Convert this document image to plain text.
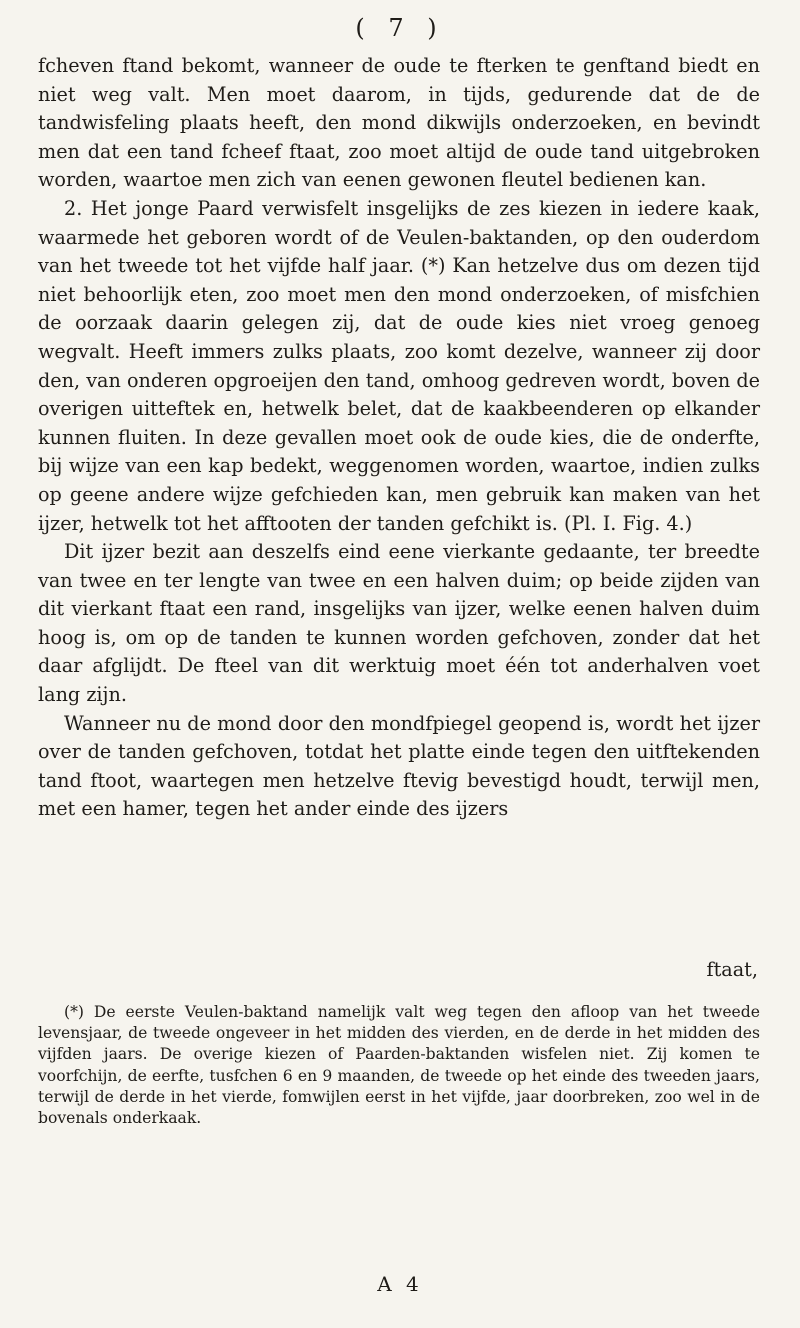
( 7 )

fcheven ftand bekomt, wanneer de oude te fterken te genftand biedt en niet weg valt. Men moet daarom, in tijds, gedurende dat de de tandwisfeling plaats heeft, den mond dikwijls onderzoeken, en bevindt men dat een tand fcheef ftaat, zoo moet altijd de oude tand uitgebroken worden, waartoe men zich van eenen gewonen fleutel bedienen kan.

2. Het jonge Paard verwisfelt insgelijks de zes kiezen in iedere kaak, waarmede het geboren wordt of de Veulen-baktanden, op den ouderdom van het tweede tot het vijfde half jaar. (*) Kan hetzelve dus om dezen tijd niet behoorlijk eten, zoo moet men den mond onderzoeken, of misfchien de oorzaak daarin gelegen zij, dat de oude kies niet vroeg genoeg wegvalt. Heeft immers zulks plaats, zoo komt dezelve, wanneer zij door den, van onderen opgroeijen den tand, omhoog gedreven wordt, boven de overigen uitteftek en, hetwelk belet, dat de kaakbeenderen op elkander kunnen fluiten. In deze gevallen moet ook de oude kies, die de onderfte, bij wijze van een kap bedekt, weggenomen worden, waartoe, indien zulks op geene andere wijze gefchieden kan, men gebruik kan maken van het ijzer, hetwelk tot het afftooten der tanden gefchikt is. (Pl. I. Fig. 4.)

Dit ijzer bezit aan deszelfs eind eene vierkante gedaante, ter breedte van twee en ter lengte van twee en een halven duim; op beide zijden van dit vierkant ftaat een rand, insgelijks van ijzer, welke eenen halven duim hoog is, om op de tanden te kunnen worden gefchoven, zonder dat het daar afglijdt. De fteel van dit werktuig moet één tot anderhalven voet lang zijn.

Wanneer nu de mond door den mondfpiegel geopend is, wordt het ijzer over de tanden gefchoven, totdat het platte einde tegen den uitftekenden tand ftoot, waartegen men hetzelve ftevig bevestigd houdt, terwijl men, met een hamer, tegen het ander einde des ijzers

ftaat,

(*) De eerste Veulen-baktand namelijk valt weg tegen den afloop van het tweede levensjaar, de tweede ongeveer in het midden des vierden, en de derde in het midden des vijfden jaars. De overige kiezen of Paarden-baktanden wisfelen niet. Zij komen te voorfchijn, de eerfte, tusfchen 6 en 9 maanden, de tweede op het einde des tweeden jaars, terwijl de derde in het vierde, fomwijlen eerst in het vijfde, jaar doorbreken, zoo wel in de bovenals onderkaak.

A 4
